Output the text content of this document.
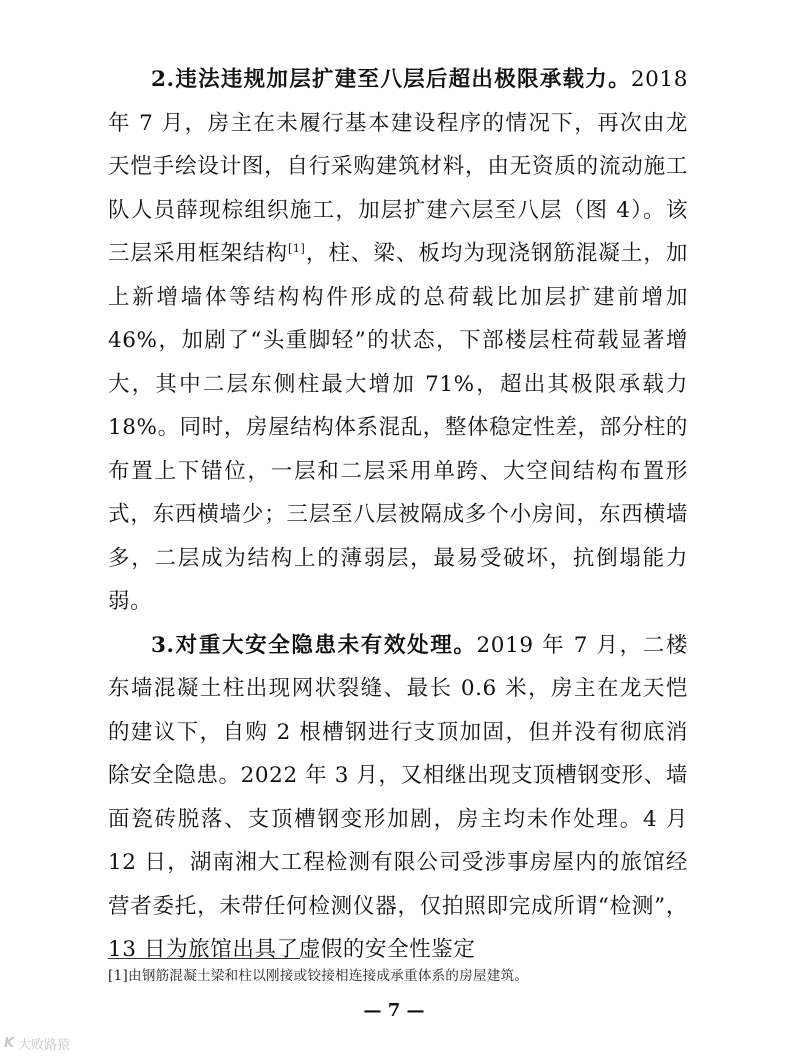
2.违法违规加层扩建至八层后超出极限承载力。2018 年 7 月，房主在未履行基本建设程序的情况下，再次由龙天恺手绘设计图，自行采购建筑材料，由无资质的流动施工队人员薛现棕组织施工，加层扩建六层至八层（图 4）。该三层采用框架结构[1]，柱、梁、板均为现浇钢筋混凝土，加上新增墙体等结构构件形成的总荷载比加层扩建前增加 46%，加剧了“头重脚轻”的状态，下部楼层柱荷载显著增大，其中二层东侧柱最大增加 71%，超出其极限承载力 18%。同时，房屋结构体系混乱，整体稳定性差，部分柱的布置上下错位，一层和二层采用单跨、大空间结构布置形式，东西横墙少；三层至八层被隔成多个小房间，东西横墙多，二层成为结构上的薄弱层，最易受破坏，抗倒塌能力弱。

3.对重大安全隐患未有效处理。2019 年 7 月，二楼东墙混凝土柱出现网状裂缝、最长 0.6 米，房主在龙天恺的建议下，自购 2 根槽钢进行支顶加固，但并没有彻底消除安全隐患。2022 年 3 月，又相继出现支顶槽钢变形、墙面瓷砖脱落、支顶槽钢变形加剧，房主均未作处理。4 月 12 日，湖南湘大工程检测有限公司受涉事房屋内的旅馆经营者委托，未带任何检测仪器，仅拍照即完成所谓“检测”，13 日为旅馆出具了虚假的安全性鉴定

[1]由钢筋混凝土梁和柱以刚接或铰接相连接成承重体系的房屋建筑。
— 7 —
K 大败路猿
